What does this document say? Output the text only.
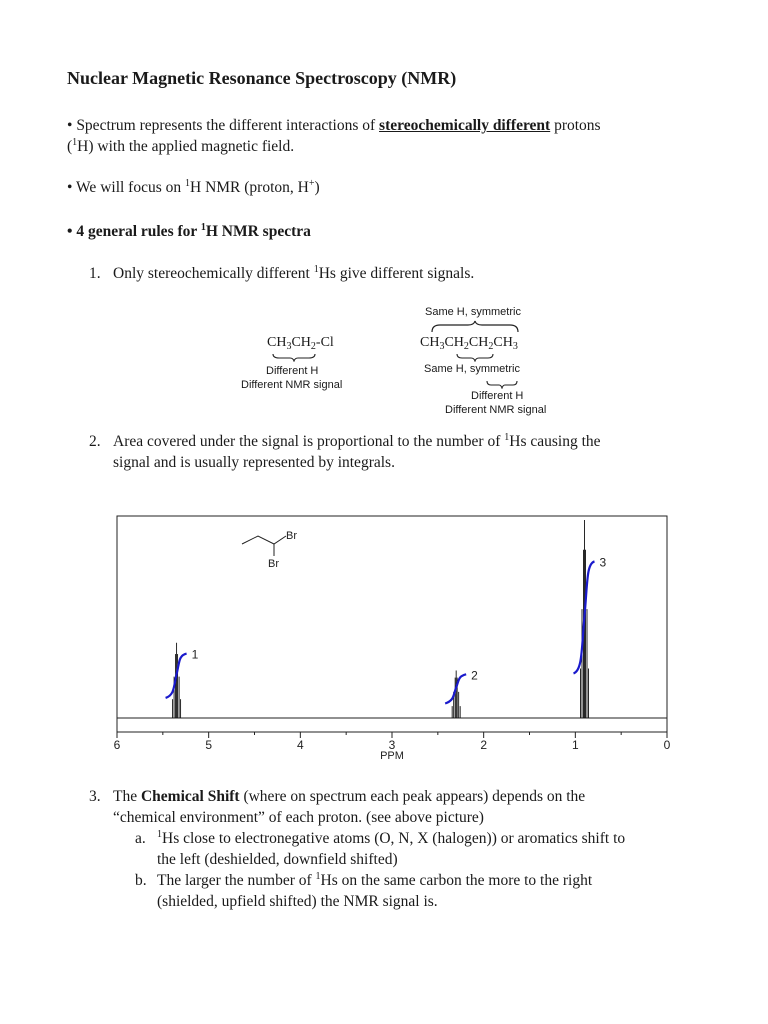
Nuclear Magnetic Resonance Spectroscopy (NMR)
• Spectrum represents the different interactions of stereochemically different protons
($^1$H) with the applied magnetic field.
• We will focus on $^1$H NMR (proton, H+)
• 4 general rules for $^1$H NMR spectra
1. Only stereochemically different $^1$Hs give different signals.
Same H, symmetric
$CH_3CH_2-Cl$
Different H
Different NMR signal
$CH_3CH_2CH_2CH_3$
Same H, symmetric
Different H
Different NMR signal
2. Area covered under the signal is proportional to the number of $^1$Hs causing the
signal and is usually represented by integrals.
Br
Br
1
2
3
6	5	4	3	2	1	0
PPM
3. The Chemical Shift (where on spectrum each peak appears) depends on the
“chemical environment” of each proton. (see above picture)
a. $^1$Hs close to electronegative atoms (O, N, X (halogen)) or aromatics shift to
the left (deshielded, downfield shifted)
b. The larger the number of $^1$Hs on the same carbon the more to the right
(shielded, upfield shifted) the NMR signal is.
